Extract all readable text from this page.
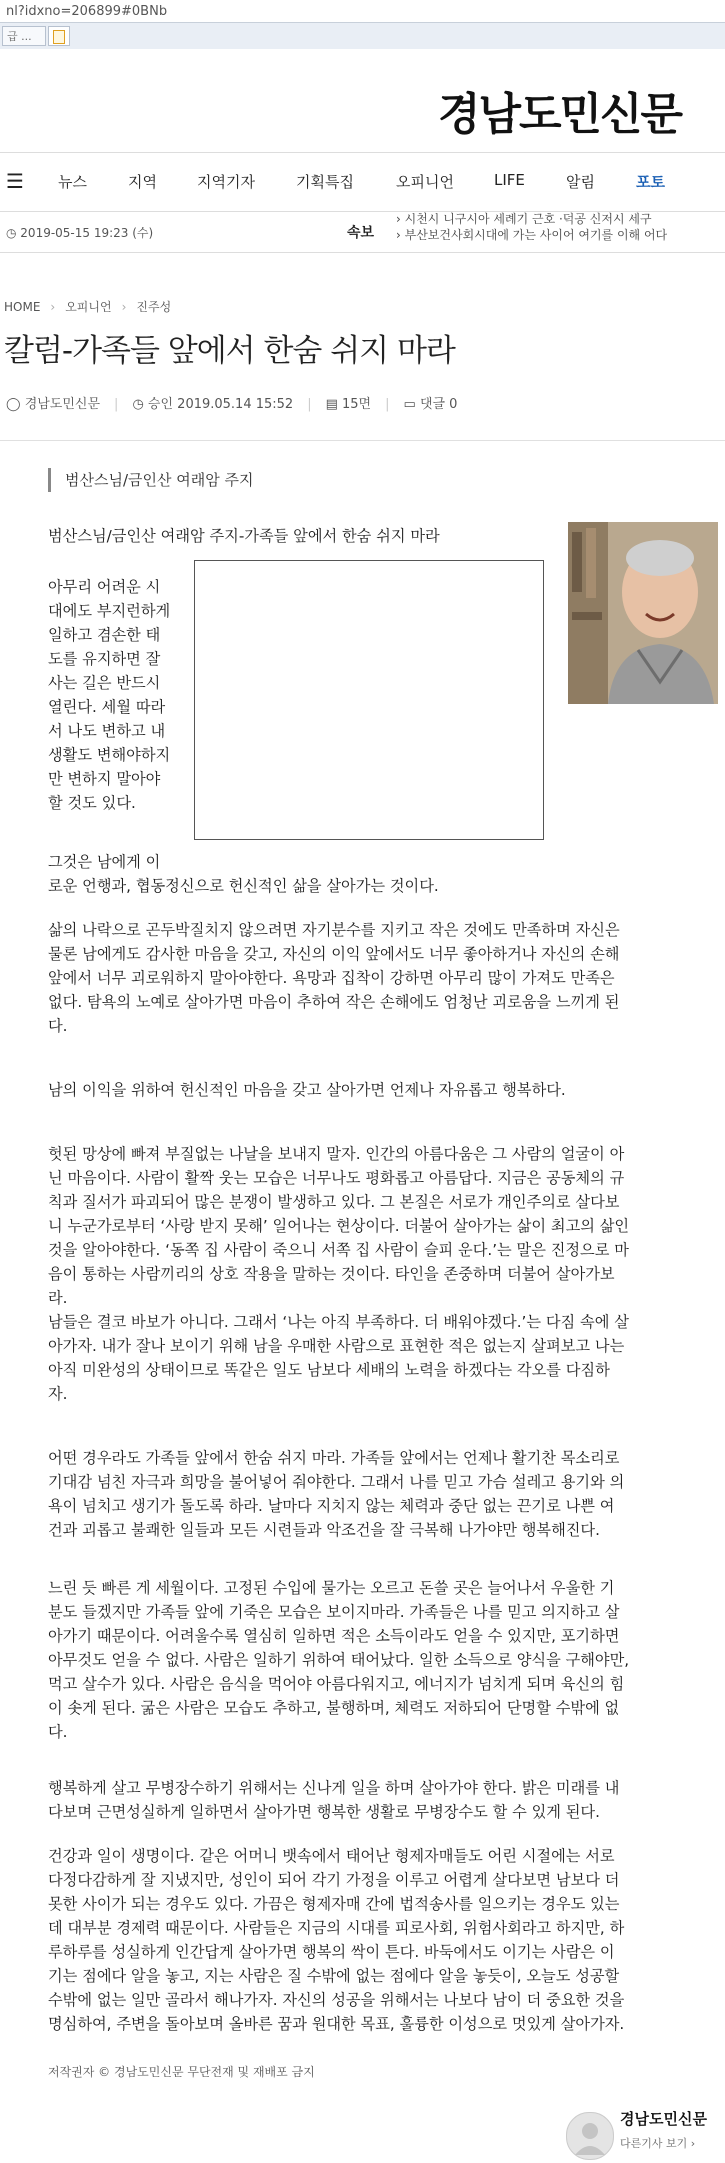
nl?idxno=206899#0BNb
급 ...
경남도민신문
☰ 뉴스	지역	지역기자	기획특집	오피니언	LIFE	알림	포토
◷ 2019-05-15 19:23 (수)	속보
› 시천시 니구시아 세례기 근호 ·덕공 신저시 세구
› 부산보건사회시대에 가는 사이어 여기를 이해 어다
HOME › 오피니언 › 진주성
칼럼-가족들 앞에서 한숨 쉬지 마라
◯ 경남도민신문 | ◷ 승인 2019.05.14 15:52 | ▤ 15면 | ▭ 댓글 0
범산스님/금인산 여래암 주지
범산스님/금인산 여래암 주지-가족들 앞에서 한숨 쉬지 마라
아무리 어려운 시
대에도 부지런하게
일하고 겸손한 태
도를 유지하면 잘
사는 길은 반드시
열린다. 세월 따라
서 나도 변하고 내
생활도 변해야하지
만 변하지 말아야
할 것도 있다.
그것은 남에게 이
로운 언행과, 협동정신으로 헌신적인 삶을 살아가는 것이다.
삶의 나락으로 곤두박질치지 않으려면 자기분수를 지키고 작은 것에도 만족하며 자신은
물론 남에게도 감사한 마음을 갖고, 자신의 이익 앞에서도 너무 좋아하거나 자신의 손해
앞에서 너무 괴로워하지 말아야한다. 욕망과 집착이 강하면 아무리 많이 가져도 만족은
없다. 탐욕의 노예로 살아가면 마음이 추하여 작은 손해에도 엄청난 괴로움을 느끼게 된
다.
남의 이익을 위하여 헌신적인 마음을 갖고 살아가면 언제나 자유롭고 행복하다.
헛된 망상에 빠져 부질없는 나날을 보내지 말자. 인간의 아름다움은 그 사람의 얼굴이 아
닌 마음이다. 사람이 활짝 웃는 모습은 너무나도 평화롭고 아름답다. 지금은 공동체의 규
칙과 질서가 파괴되어 많은 분쟁이 발생하고 있다. 그 본질은 서로가 개인주의로 살다보
니 누군가로부터 ‘사랑 받지 못해’ 일어나는 현상이다. 더불어 살아가는 삶이 최고의 삶인
것을 알아야한다. ‘동쪽 집 사람이 죽으니 서쪽 집 사람이 슬피 운다.’는 말은 진정으로 마
음이 통하는 사람끼리의 상호 작용을 말하는 것이다. 타인을 존중하며 더불어 살아가보
라.
남들은 결코 바보가 아니다. 그래서 ‘나는 아직 부족하다. 더 배워야겠다.’는 다짐 속에 살
아가자. 내가 잘나 보이기 위해 남을 우매한 사람으로 표현한 적은 없는지 살펴보고 나는
아직 미완성의 상태이므로 똑같은 일도 남보다 세배의 노력을 하겠다는 각오를 다짐하
자.
어떤 경우라도 가족들 앞에서 한숨 쉬지 마라. 가족들 앞에서는 언제나 활기찬 목소리로
기대감 넘친 자극과 희망을 불어넣어 줘야한다. 그래서 나를 믿고 가슴 설레고 용기와 의
욕이 넘치고 생기가 돌도록 하라. 날마다 지치지 않는 체력과 중단 없는 끈기로 나쁜 여
건과 괴롭고 불쾌한 일들과 모든 시련들과 악조건을 잘 극복해 나가야만 행복해진다.
느린 듯 빠른 게 세월이다. 고정된 수입에 물가는 오르고 돈쓸 곳은 늘어나서 우울한 기
분도 들겠지만 가족들 앞에 기죽은 모습은 보이지마라. 가족들은 나를 믿고 의지하고 살
아가기 때문이다. 어려울수록 열심히 일하면 적은 소득이라도 얻을 수 있지만, 포기하면
아무것도 얻을 수 없다. 사람은 일하기 위하여 태어났다. 일한 소득으로 양식을 구해야만,
먹고 살수가 있다. 사람은 음식을 먹어야 아름다워지고, 에너지가 넘치게 되며 육신의 힘
이 솟게 된다. 굶은 사람은 모습도 추하고, 불행하며, 체력도 저하되어 단명할 수밖에 없
다.
행복하게 살고 무병장수하기 위해서는 신나게 일을 하며 살아가야 한다. 밝은 미래를 내
다보며 근면성실하게 일하면서 살아가면 행복한 생활로 무병장수도 할 수 있게 된다.
건강과 일이 생명이다. 같은 어머니 뱃속에서 태어난 형제자매들도 어린 시절에는 서로
다정다감하게 잘 지냈지만, 성인이 되어 각기 가정을 이루고 어렵게 살다보면 남보다 더
못한 사이가 되는 경우도 있다. 가끔은 형제자매 간에 법적송사를 일으키는 경우도 있는
데 대부분 경제력 때문이다. 사람들은 지금의 시대를 피로사회, 위험사회라고 하지만, 하
루하루를 성실하게 인간답게 살아가면 행복의 싹이 튼다. 바둑에서도 이기는 사람은 이
기는 점에다 알을 놓고, 지는 사람은 질 수밖에 없는 점에다 알을 놓듯이, 오늘도 성공할
수밖에 없는 일만 골라서 해나가자. 자신의 성공을 위해서는 나보다 남이 더 중요한 것을
명심하여, 주변을 돌아보며 올바른 꿈과 원대한 목표, 훌륭한 이성으로 멋있게 살아가자.
저작권자 © 경남도민신문 무단전재 및 재배포 금지
경남도민신문
다른기사 보기 ›
